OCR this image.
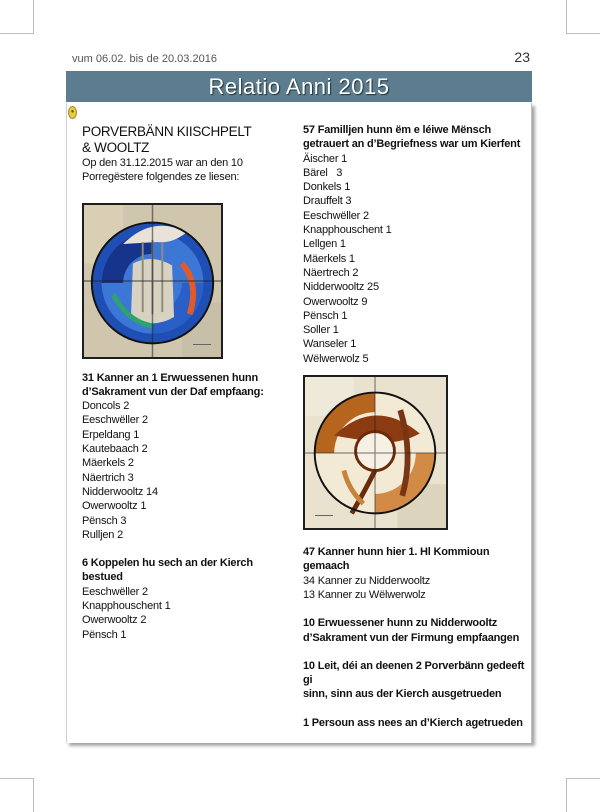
vum 06.02. bis de 20.03.2016	23
Relatio Anni 2015
●
PORVERBÄNN KIISCHPELT
& WOOLTZ
Op den 31.12.2015 war an den 10
Porregëstere folgendes ze liesen:
31 Kanner an 1 Erwuessenen hunn
d’Sakrament vun der Daf empfaang:
Doncols 2
Eeschwëller 2
Erpeldang 1
Kautebaach 2
Mäerkels 2
Näertrich 3
Nidderwooltz 14
Owerwooltz 1
Pënsch 3
Rulljen 2
6 Koppelen hu sech an der Kierch
bestued
Eeschwëller 2
Knapphouschent 1
Owerwooltz 2
Pënsch 1
57 Familljen hunn ëm e léiwe Mënsch
getrauert an d’Begriefness war um Kierfent
Äischer 1
Bärel   3
Donkels 1
Drauffelt 3
Eeschwëller 2
Knapphouschent 1
Lellgen 1
Mäerkels 1
Näertrech 2
Nidderwooltz 25
Owerwooltz 9
Pënsch 1
Soller 1
Wanseler 1
Wëlwerwolz 5
47 Kanner hunn hier 1. Hl Kommioun
gemaach
34 Kanner zu Nidderwooltz
13 Kanner zu Wëlwerwolz
10 Erwuessener hunn zu Nidderwooltz
d’Sakrament vun der Firmung empfaangen
10 Leit, déi an deenen 2 Porverbänn gedeeft gi
sinn, sinn aus der Kierch ausgetrueden
1 Persoun ass nees an d’Kierch agetrueden
